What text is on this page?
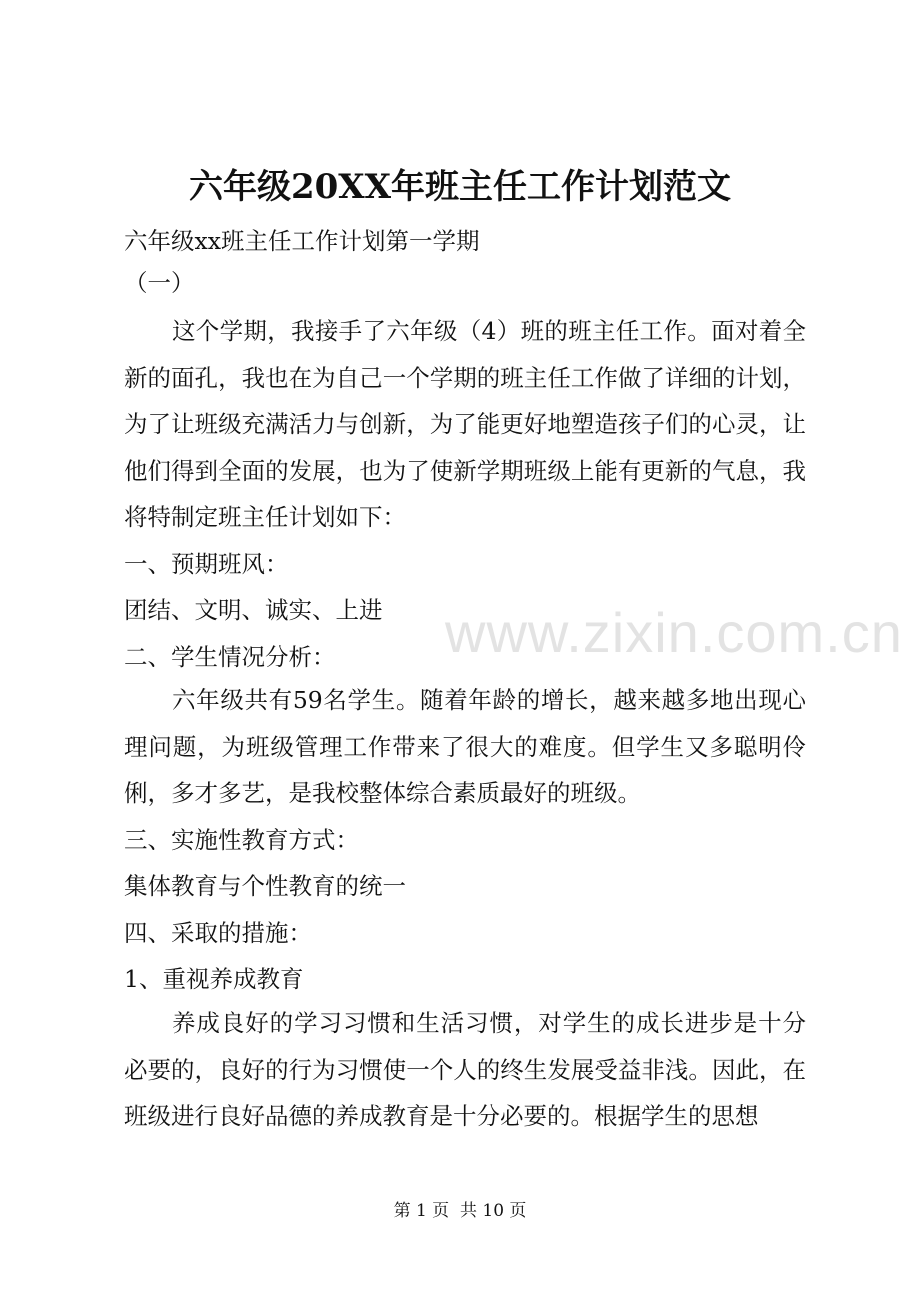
六年级20XX年班主任工作计划范文
六年级xx班主任工作计划第一学期
（一）
这个学期，我接手了六年级（4）班的班主任工作。面对着全新的面孔，我也在为自己一个学期的班主任工作做了详细的计划，为了让班级充满活力与创新，为了能更好地塑造孩子们的心灵，让他们得到全面的发展，也为了使新学期班级上能有更新的气息，我将特制定班主任计划如下：
一、预期班风：
团结、文明、诚实、上进
二、学生情况分析：
六年级共有59名学生。随着年龄的增长，越来越多地出现心理问题，为班级管理工作带来了很大的难度。但学生又多聪明伶俐，多才多艺，是我校整体综合素质最好的班级。
三、实施性教育方式：
集体教育与个性教育的统一
四、采取的措施：
1、重视养成教育
养成良好的学习习惯和生活习惯，对学生的成长进步是十分必要的，良好的行为习惯使一个人的终生发展受益非浅。因此，在班级进行良好品德的养成教育是十分必要的。根据学生的思想
www.zixin.com.cn
第 1 页  共 10 页
